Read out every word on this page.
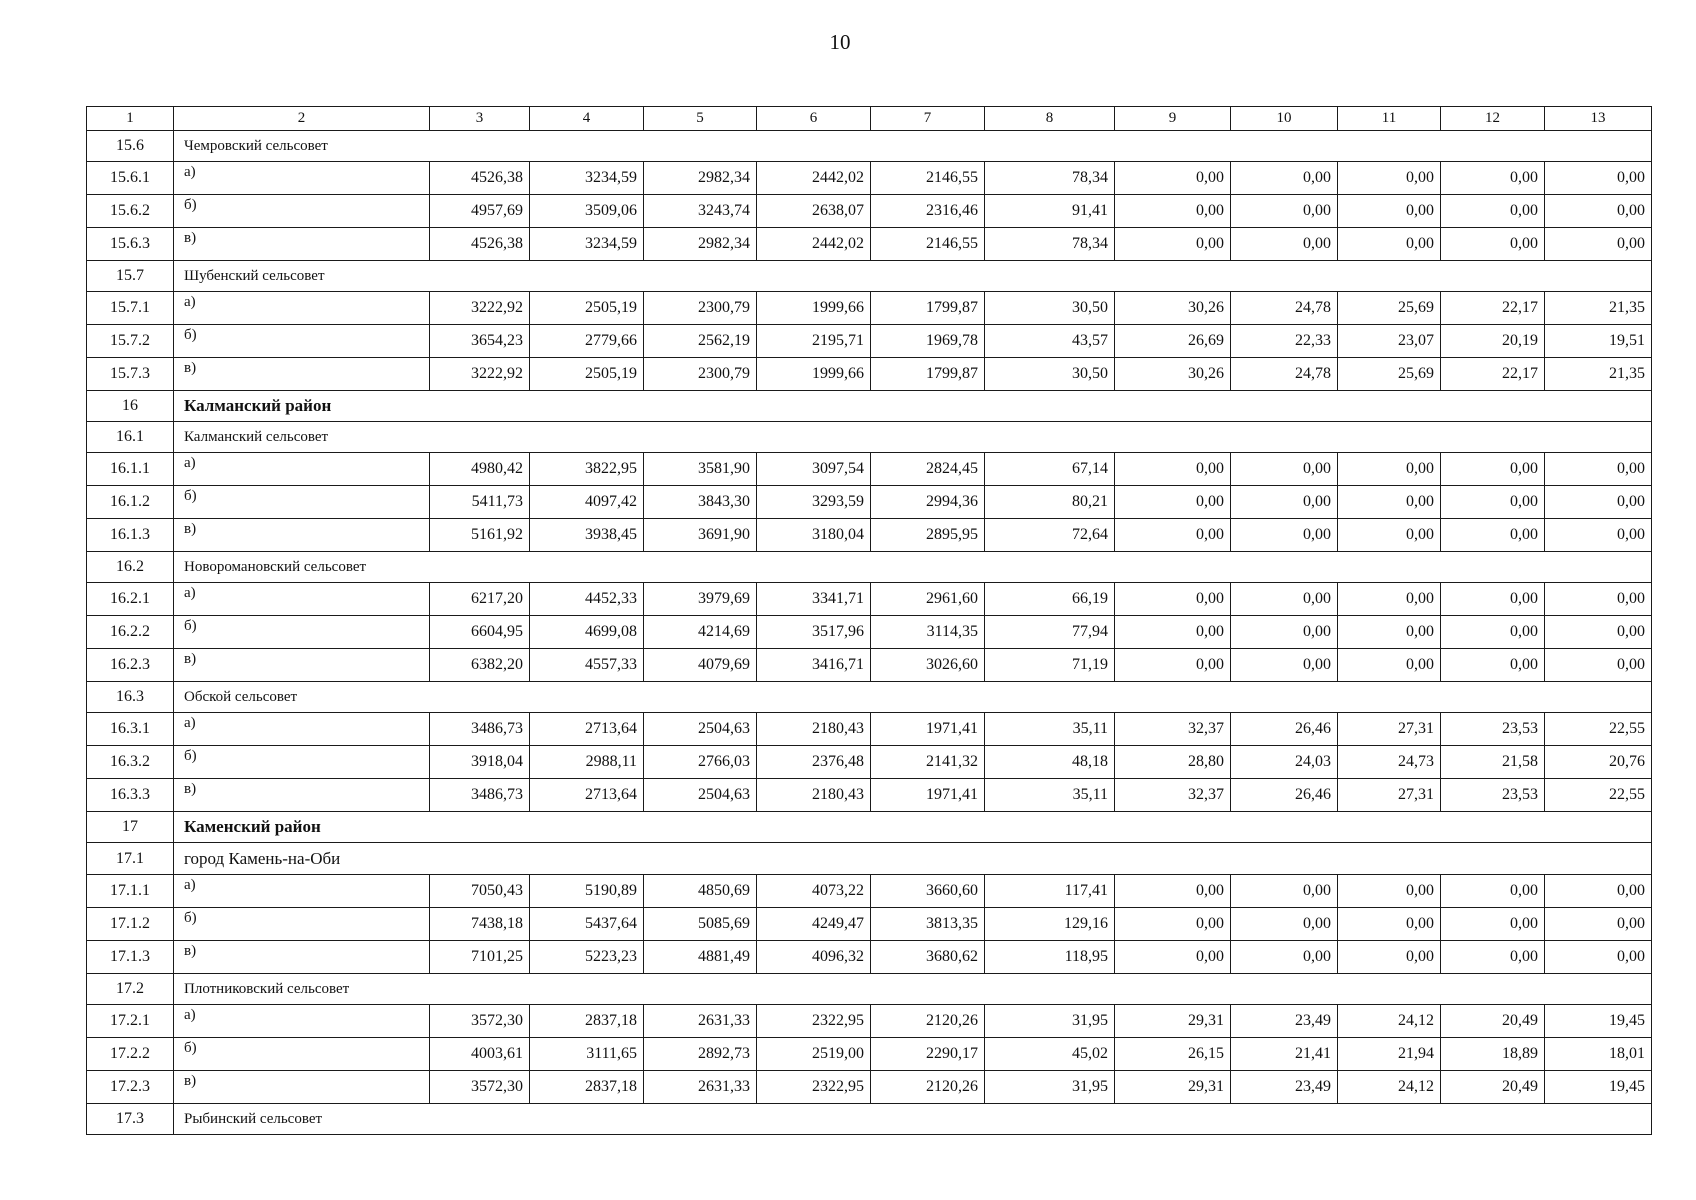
10
1	2	3	4	5	6	7	8	9	10	11	12	13
15.6	Чемровский сельсовет											
15.6.1	а)	4526,38	3234,59	2982,34	2442,02	2146,55	78,34	0,00	0,00	0,00	0,00	0,00
15.6.2	б)	4957,69	3509,06	3243,74	2638,07	2316,46	91,41	0,00	0,00	0,00	0,00	0,00
15.6.3	в)	4526,38	3234,59	2982,34	2442,02	2146,55	78,34	0,00	0,00	0,00	0,00	0,00
15.7	Шубенский сельсовет											
15.7.1	а)	3222,92	2505,19	2300,79	1999,66	1799,87	30,50	30,26	24,78	25,69	22,17	21,35
15.7.2	б)	3654,23	2779,66	2562,19	2195,71	1969,78	43,57	26,69	22,33	23,07	20,19	19,51
15.7.3	в)	3222,92	2505,19	2300,79	1999,66	1799,87	30,50	30,26	24,78	25,69	22,17	21,35
16	Калманский район											
16.1	Калманский сельсовет											
16.1.1	а)	4980,42	3822,95	3581,90	3097,54	2824,45	67,14	0,00	0,00	0,00	0,00	0,00
16.1.2	б)	5411,73	4097,42	3843,30	3293,59	2994,36	80,21	0,00	0,00	0,00	0,00	0,00
16.1.3	в)	5161,92	3938,45	3691,90	3180,04	2895,95	72,64	0,00	0,00	0,00	0,00	0,00
16.2	Новоромановский сельсовет											
16.2.1	а)	6217,20	4452,33	3979,69	3341,71	2961,60	66,19	0,00	0,00	0,00	0,00	0,00
16.2.2	б)	6604,95	4699,08	4214,69	3517,96	3114,35	77,94	0,00	0,00	0,00	0,00	0,00
16.2.3	в)	6382,20	4557,33	4079,69	3416,71	3026,60	71,19	0,00	0,00	0,00	0,00	0,00
16.3	Обской сельсовет											
16.3.1	а)	3486,73	2713,64	2504,63	2180,43	1971,41	35,11	32,37	26,46	27,31	23,53	22,55
16.3.2	б)	3918,04	2988,11	2766,03	2376,48	2141,32	48,18	28,80	24,03	24,73	21,58	20,76
16.3.3	в)	3486,73	2713,64	2504,63	2180,43	1971,41	35,11	32,37	26,46	27,31	23,53	22,55
17	Каменский район											
17.1	город Камень-на-Оби											
17.1.1	а)	7050,43	5190,89	4850,69	4073,22	3660,60	117,41	0,00	0,00	0,00	0,00	0,00
17.1.2	б)	7438,18	5437,64	5085,69	4249,47	3813,35	129,16	0,00	0,00	0,00	0,00	0,00
17.1.3	в)	7101,25	5223,23	4881,49	4096,32	3680,62	118,95	0,00	0,00	0,00	0,00	0,00
17.2	Плотниковский сельсовет											
17.2.1	а)	3572,30	2837,18	2631,33	2322,95	2120,26	31,95	29,31	23,49	24,12	20,49	19,45
17.2.2	б)	4003,61	3111,65	2892,73	2519,00	2290,17	45,02	26,15	21,41	21,94	18,89	18,01
17.2.3	в)	3572,30	2837,18	2631,33	2322,95	2120,26	31,95	29,31	23,49	24,12	20,49	19,45
17.3	Рыбинский сельсовет											
